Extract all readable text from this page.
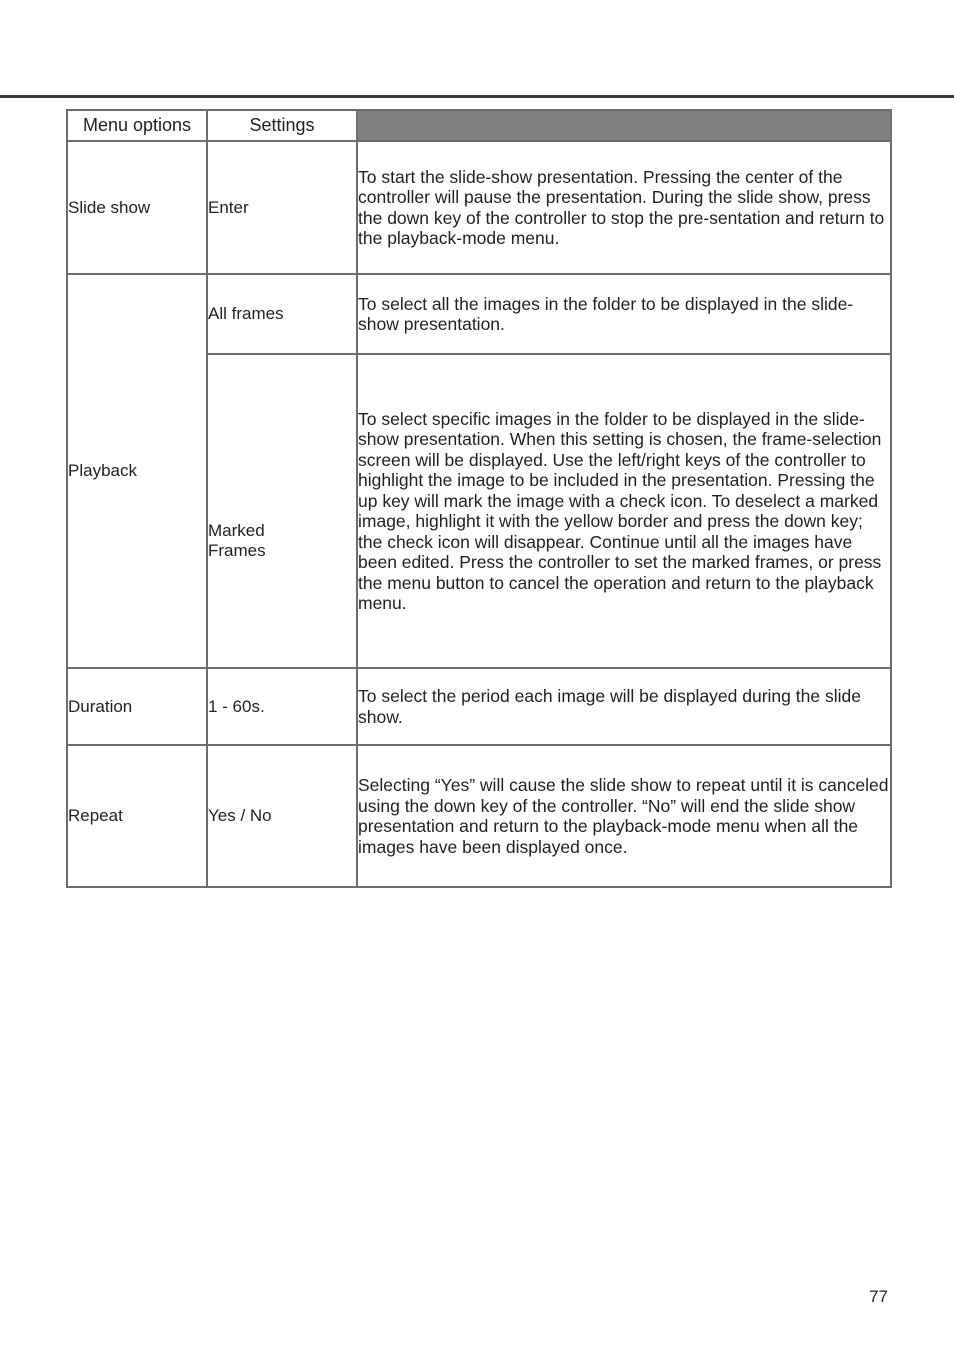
Menu options	Settings	
Slide show	Enter	To start the slide-show presentation. Pressing the center of the controller will pause the presentation. During the slide show, press the down key of the controller to stop the pre-sentation and return to the playback-mode menu.
Playback	All frames	To select all the images in the folder to be displayed in the slide-show presentation.

	Marked Frames	To select specific images in the folder to be displayed in the slide-show presentation. When this setting is chosen, the frame-selection screen will be displayed. Use the left/right keys of the controller to highlight the image to be included in the presentation. Pressing the up key will mark the image with a check icon. To deselect a marked image, highlight it with the yellow border and press the down key; the check icon will disappear. Continue until all the images have been edited. Press the controller to set the marked frames, or press the menu button to cancel the operation and return to the playback menu.
Duration	1 - 60s.	To select the period each image will be displayed during the slide show.
Repeat	Yes / No	Selecting “Yes” will cause the slide show to repeat until it is canceled using the down key of the controller. “No” will end the slide show presentation and return to the playback-mode menu when all the images have been displayed once.
77
